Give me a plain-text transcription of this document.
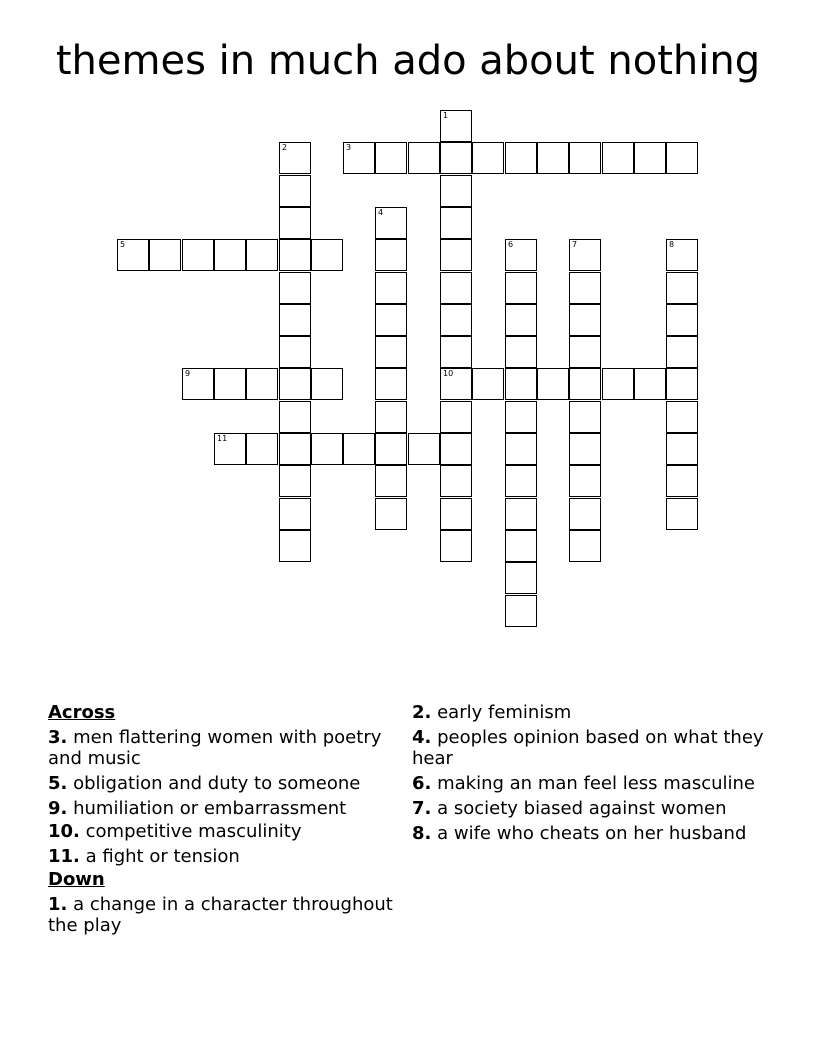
themes in much ado about nothing
1
10
2	3
4
5	6	7	8
9
11
Across
3. men flattering women with poetry and music
5. obligation and duty to someone
9. humiliation or embarrassment
10. competitive masculinity
11. a fight or tension
Down
1. a change in a character throughout the play
2. early feminism
4. peoples opinion based on what they hear
6. making an man feel less masculine
7. a society biased against women
8. a wife who cheats on her husband
